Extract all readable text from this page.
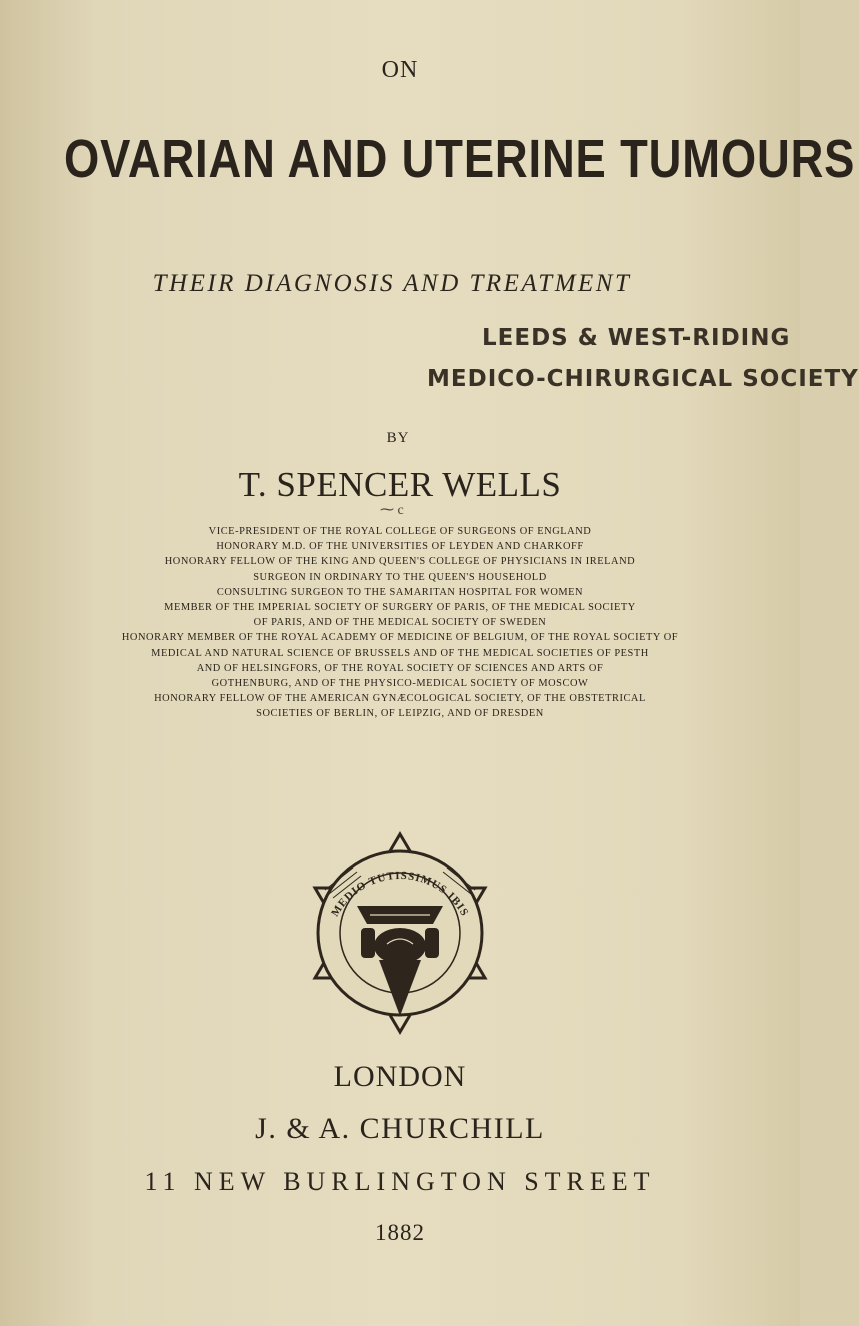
ON
OVARIAN AND UTERINE TUMOURS
THEIR DIAGNOSIS AND TREATMENT
LEEDS & WEST-RIDING
MEDICO-CHIRURGICAL SOCIETY
BY
T. SPENCER WELLS
⁓ c
VICE-PRESIDENT OF THE ROYAL COLLEGE OF SURGEONS OF ENGLAND
HONORARY M.D. OF THE UNIVERSITIES OF LEYDEN AND CHARKOFF
HONORARY FELLOW OF THE KING AND QUEEN'S COLLEGE OF PHYSICIANS IN IRELAND
SURGEON IN ORDINARY TO THE QUEEN'S HOUSEHOLD
CONSULTING SURGEON TO THE SAMARITAN HOSPITAL FOR WOMEN
MEMBER OF THE IMPERIAL SOCIETY OF SURGERY OF PARIS, OF THE MEDICAL SOCIETY
OF PARIS, AND OF THE MEDICAL SOCIETY OF SWEDEN
HONORARY MEMBER OF THE ROYAL ACADEMY OF MEDICINE OF BELGIUM, OF THE ROYAL SOCIETY OF
MEDICAL AND NATURAL SCIENCE OF BRUSSELS AND OF THE MEDICAL SOCIETIES OF PESTH
AND OF HELSINGFORS, OF THE ROYAL SOCIETY OF SCIENCES AND ARTS OF
GOTHENBURG, AND OF THE PHYSICO-MEDICAL SOCIETY OF MOSCOW
HONORARY FELLOW OF THE AMERICAN GYNÆCOLOGICAL SOCIETY, OF THE OBSTETRICAL
SOCIETIES OF BERLIN, OF LEIPZIG, AND OF DRESDEN
MEDIO TUTISSIMUS IBIS
LONDON
J. & A. CHURCHILL
11 NEW BURLINGTON STREET
1882
